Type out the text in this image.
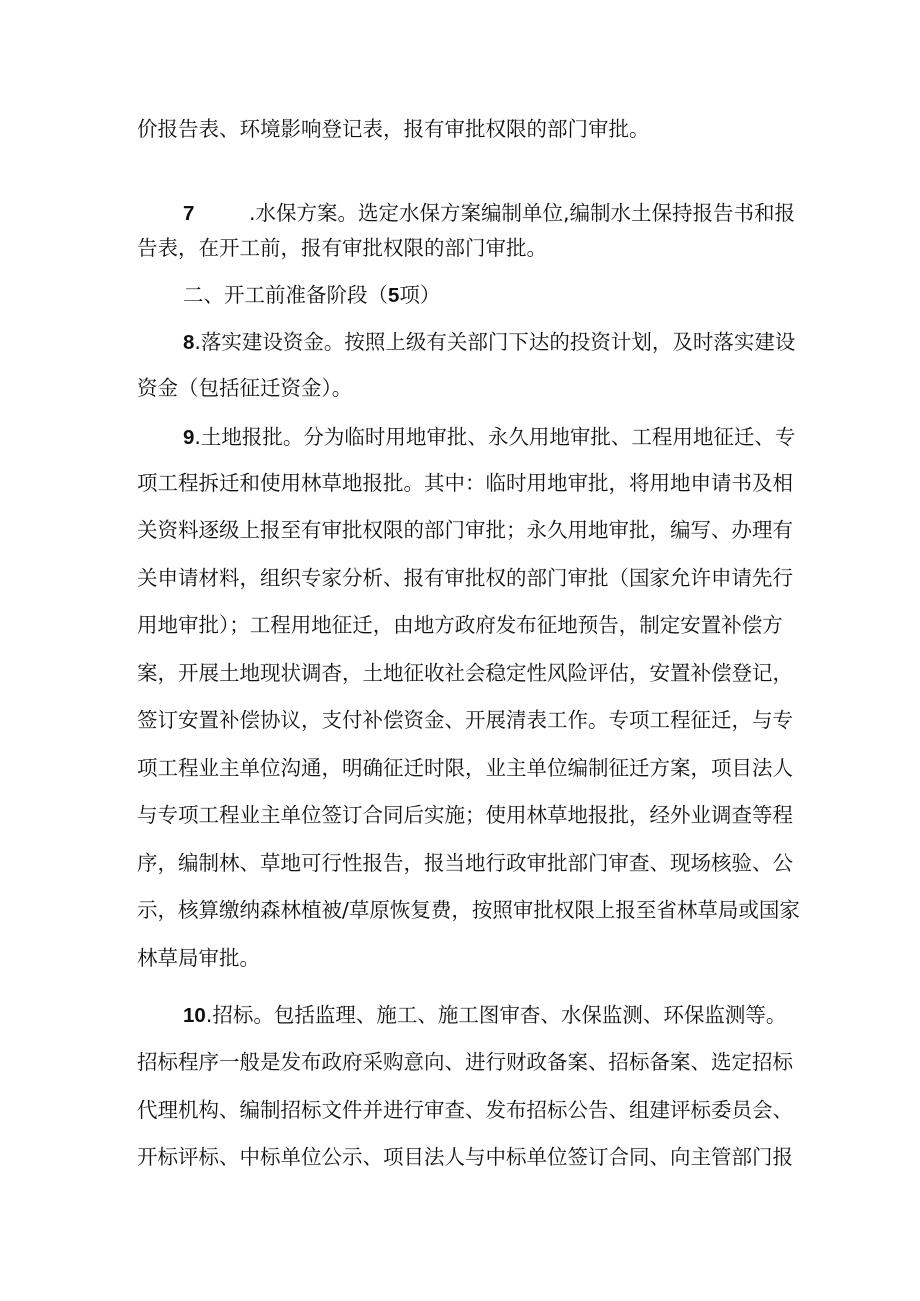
价报告表、环境影响登记表，报有审批权限的部门审批。
7	.水保方案。选定水保方案编制单位,编制水土保持报告书和报
告表，在开工前，报有审批权限的部门审批。
二、开工前准备阶段（5项）
8.落实建设资金。按照上级有关部门下达的投资计划，及时落实建设
资金（包括征迁资金）。
9.土地报批。分为临时用地审批、永久用地审批、工程用地征迁、专
项工程拆迁和使用林草地报批。其中：临时用地审批，将用地申请书及相
关资料逐级上报至有审批权限的部门审批；永久用地审批，编写、办理有
关申请材料，组织专家分析、报有审批权的部门审批（国家允许申请先行
用地审批）；工程用地征迁，由地方政府发布征地预告，制定安置补偿方
案，开展土地现状调杳，土地征收社会稳定性风险评估，安置补偿登记，
签订安置补偿协议，支付补偿资金、开展清表工作。专项工程征迁，与专
项工程业主单位沟通，明确征迁时限，业主单位编制征迁方案，项目法人
与专项工程业主单位签订合同后实施；使用林草地报批，经外业调查等程
序，编制林、草地可行性报告，报当地行政审批部门审查、现场核验、公
示，核算缴纳森林植被/草原恢复费，按照审批权限上报至省林草局或国家
林草局审批。
10.招标。包括监理、施工、施工图审杳、水保监测、环保监测等。
招标程序一般是发布政府采购意向、进行财政备案、招标备案、选定招标
代理机构、编制招标文件并进行审查、发布招标公告、组建评标委员会、
开标评标、中标单位公示、项目法人与中标单位签订合同、向主管部门报
